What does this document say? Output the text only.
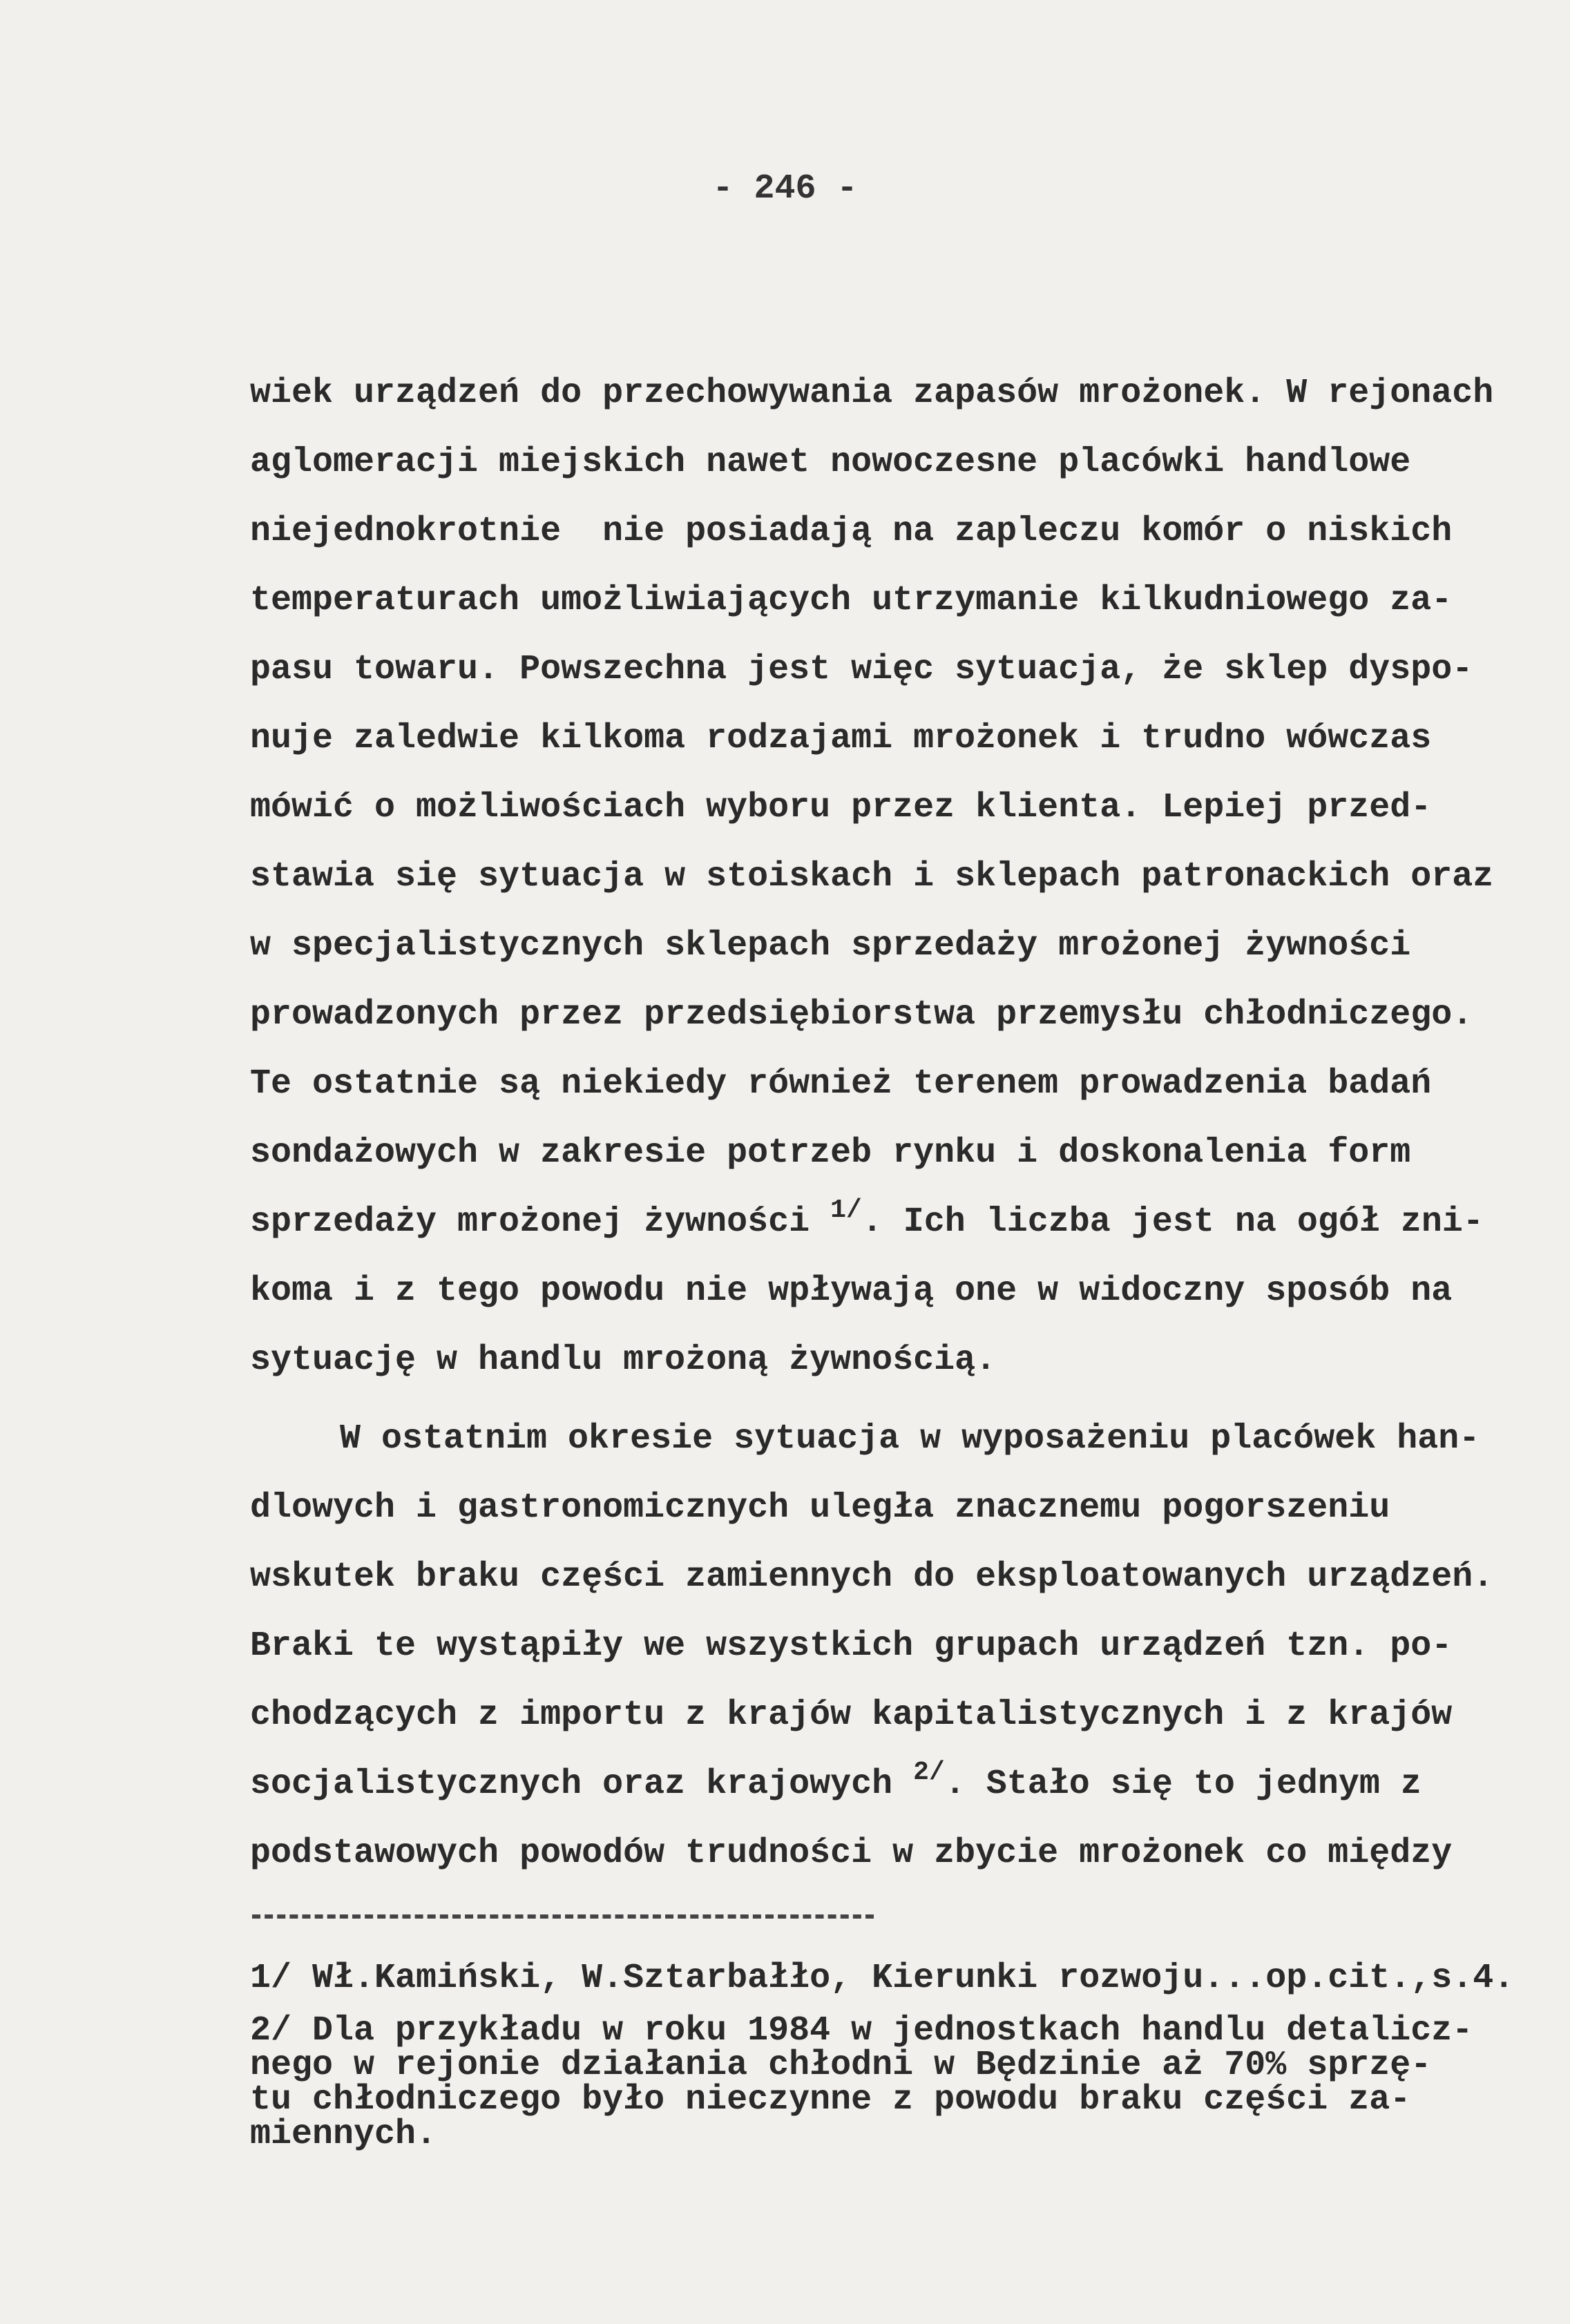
- 246 -
wiek urządzeń do przechowywania zapasów mrożonek. W rejonach
aglomeracji miejskich nawet nowoczesne placówki handlowe
niejednokrotnie  nie posiadają na zapleczu komór o niskich
temperaturach umożliwiających utrzymanie kilkudniowego za-
pasu towaru. Powszechna jest więc sytuacja, że sklep dyspo-
nuje zaledwie kilkoma rodzajami mrożonek i trudno wówczas
mówić o możliwościach wyboru przez klienta. Lepiej przed-
stawia się sytuacja w stoiskach i sklepach patronackich oraz
w specjalistycznych sklepach sprzedaży mrożonej żywności
prowadzonych przez przedsiębiorstwa przemysłu chłodniczego.
Te ostatnie są niekiedy również terenem prowadzenia badań
sondażowych w zakresie potrzeb rynku i doskonalenia form
sprzedaży mrożonej żywności $^{1/}$. Ich liczba jest na ogół zni-
koma i z tego powodu nie wpływają one w widoczny sposób na
sytuację w handlu mrożoną żywnością.
W ostatnim okresie sytuacja w wyposażeniu placówek han-
dlowych i gastronomicznych uległa znacznemu pogorszeniu
wskutek braku części zamiennych do eksploatowanych urządzeń.
Braki te wystąpiły we wszystkich grupach urządzeń tzn. po-
chodzących z importu z krajów kapitalistycznych i z krajów
socjalistycznych oraz krajowych $^{2/}$. Stało się to jednym z
podstawowych powodów trudności w zbycie mrożonek co między
1/ Wł.Kamiński, W.Sztarbałło, Kierunki rozwoju...op.cit.,s.4.
2/ Dla przykładu w roku 1984 w jednostkach handlu detalicz-
nego w rejonie działania chłodni w Będzinie aż 70% sprzę-
tu chłodniczego było nieczynne z powodu braku części za-
miennych.
